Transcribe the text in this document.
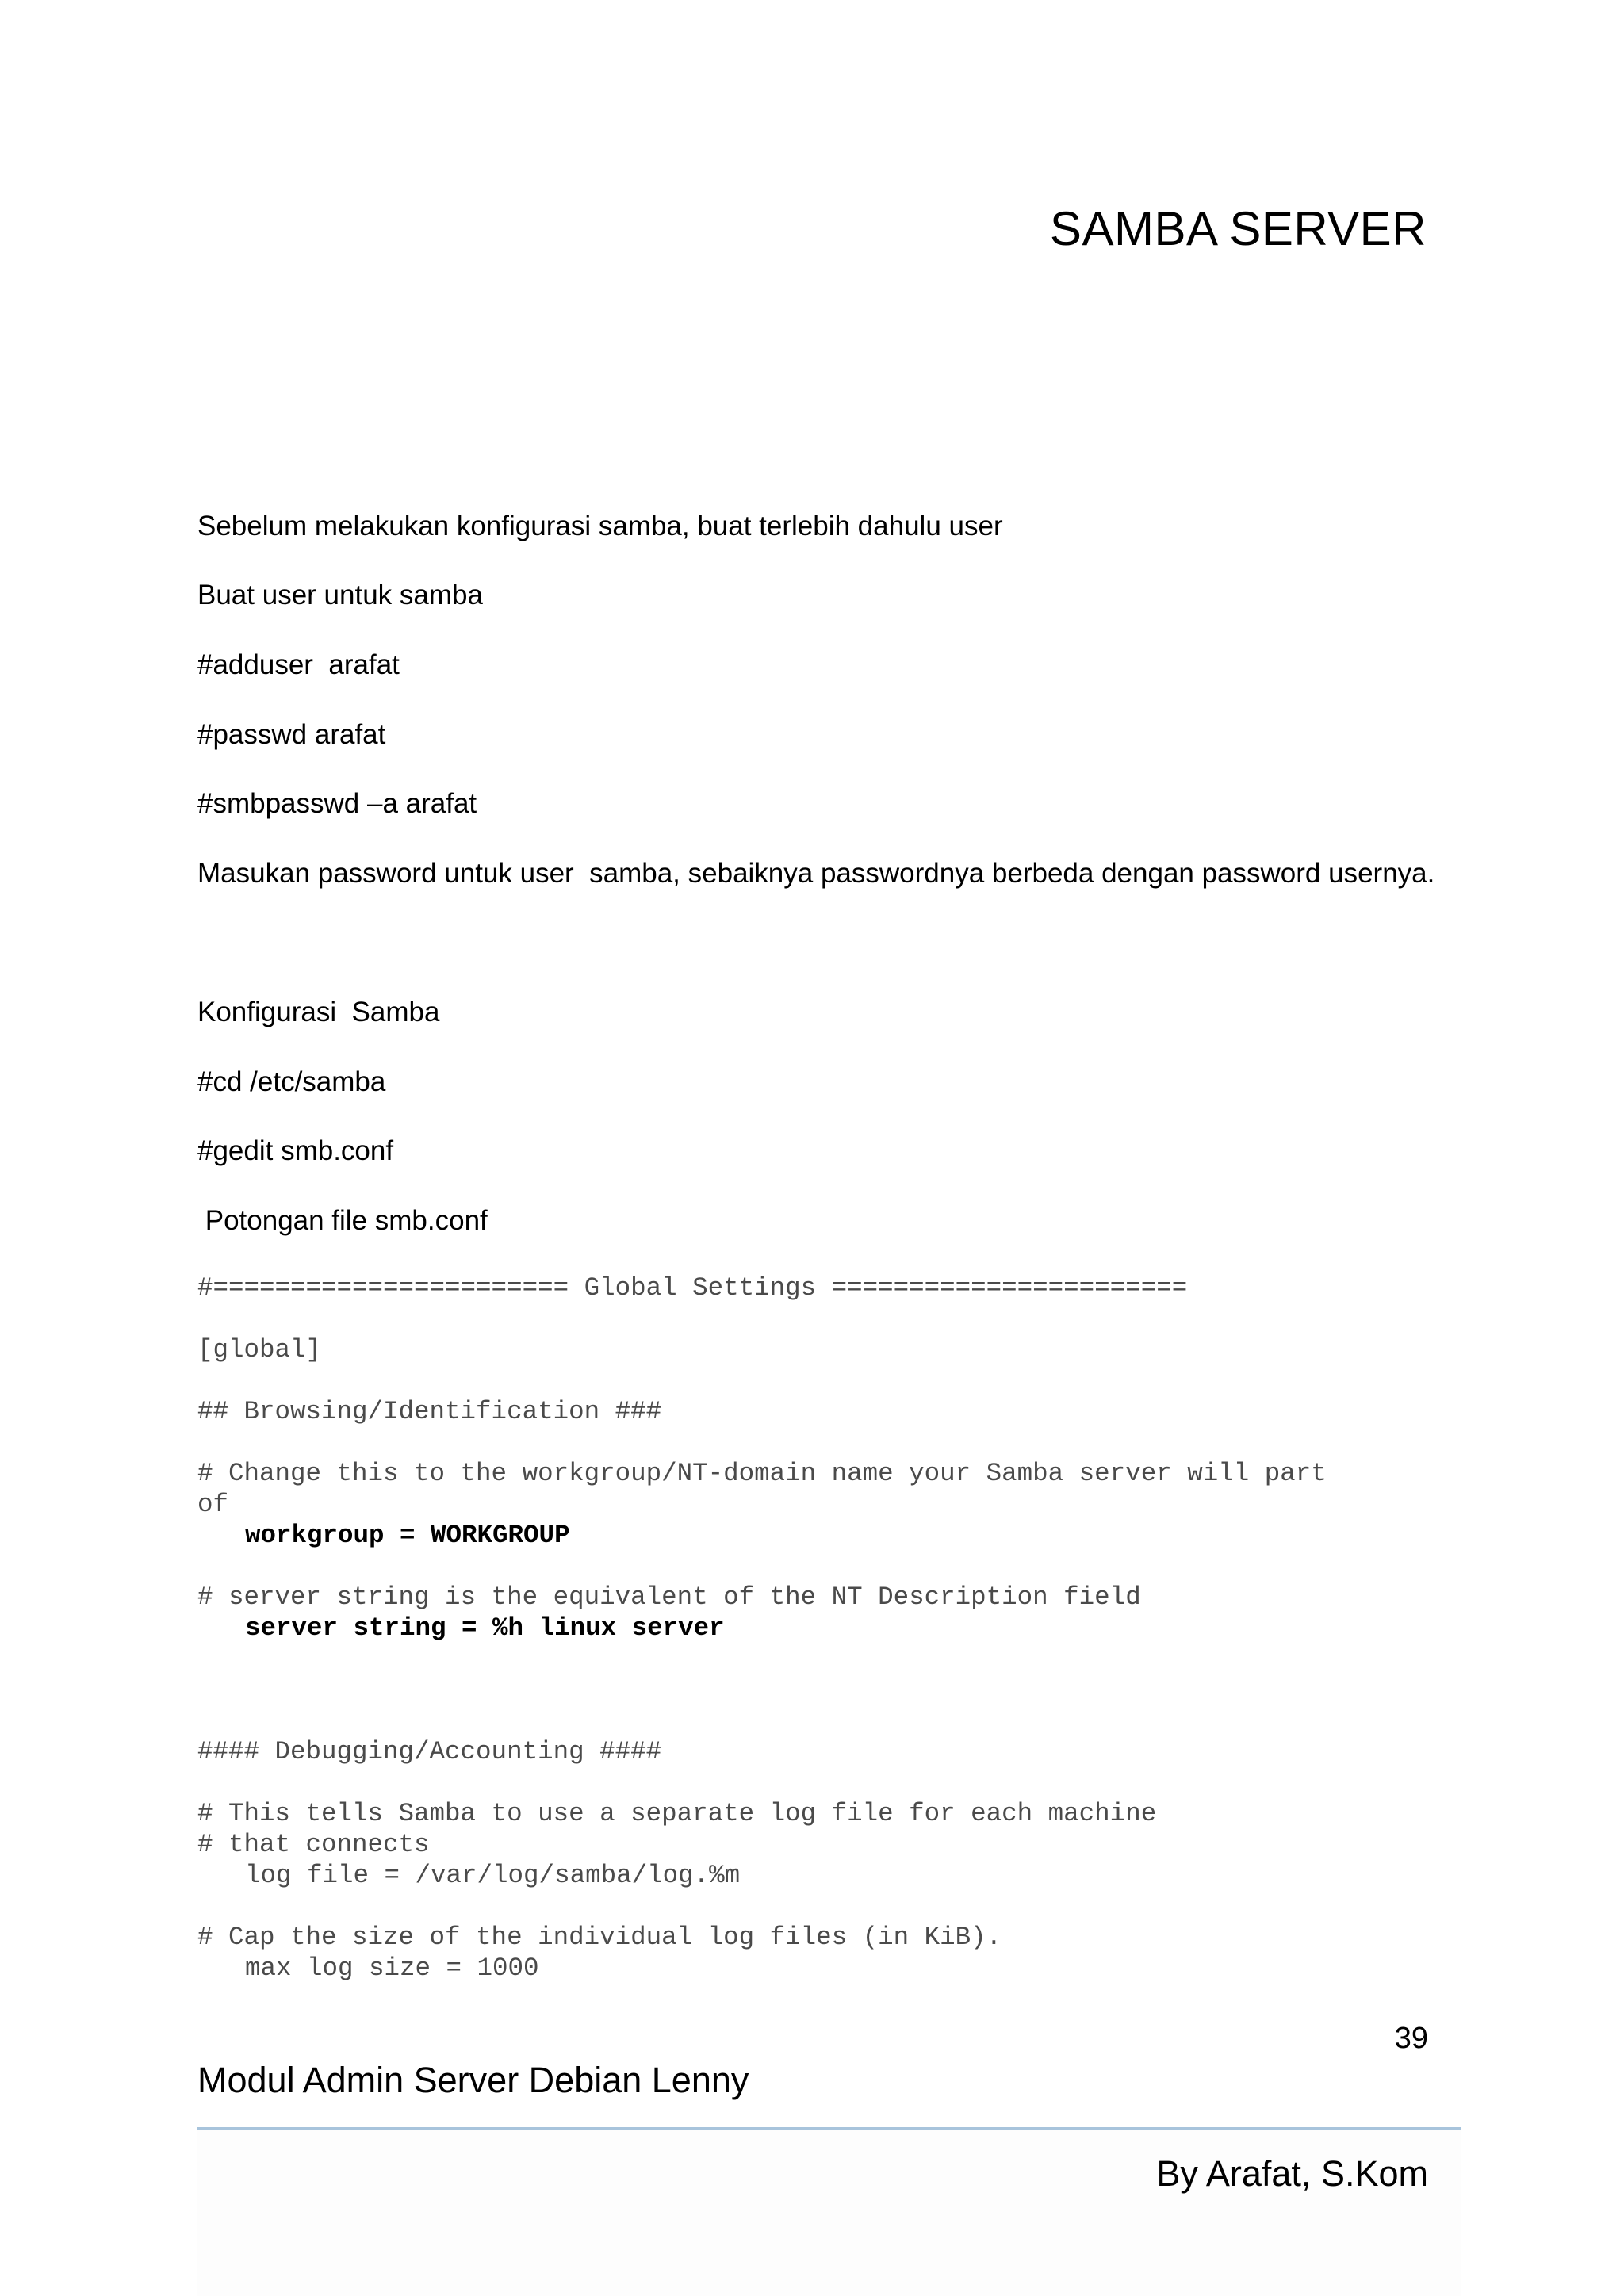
SAMBA SERVER

Sebelum melakukan konfigurasi samba, buat terlebih dahulu user

Buat user untuk samba

#adduser  arafat

#passwd arafat

#smbpasswd –a arafat

Masukan password untuk user  samba, sebaiknya passwordnya berbeda dengan password usernya.

Konfigurasi  Samba

#cd /etc/samba

#gedit smb.conf

Potongan file smb.conf

#======================= Global Settings =======================

[global]

## Browsing/Identification ###

# Change this to the workgroup/NT-domain name your Samba server will part

of

workgroup = WORKGROUP

# server string is the equivalent of the NT Description field

server string = %h linux server

#### Debugging/Accounting ####

# This tells Samba to use a separate log file for each machine

# that connects

log file = /var/log/samba/log.%m

# Cap the size of the individual log files (in KiB).

max log size = 1000

39

Modul Admin Server Debian Lenny

By Arafat, S.Kom
